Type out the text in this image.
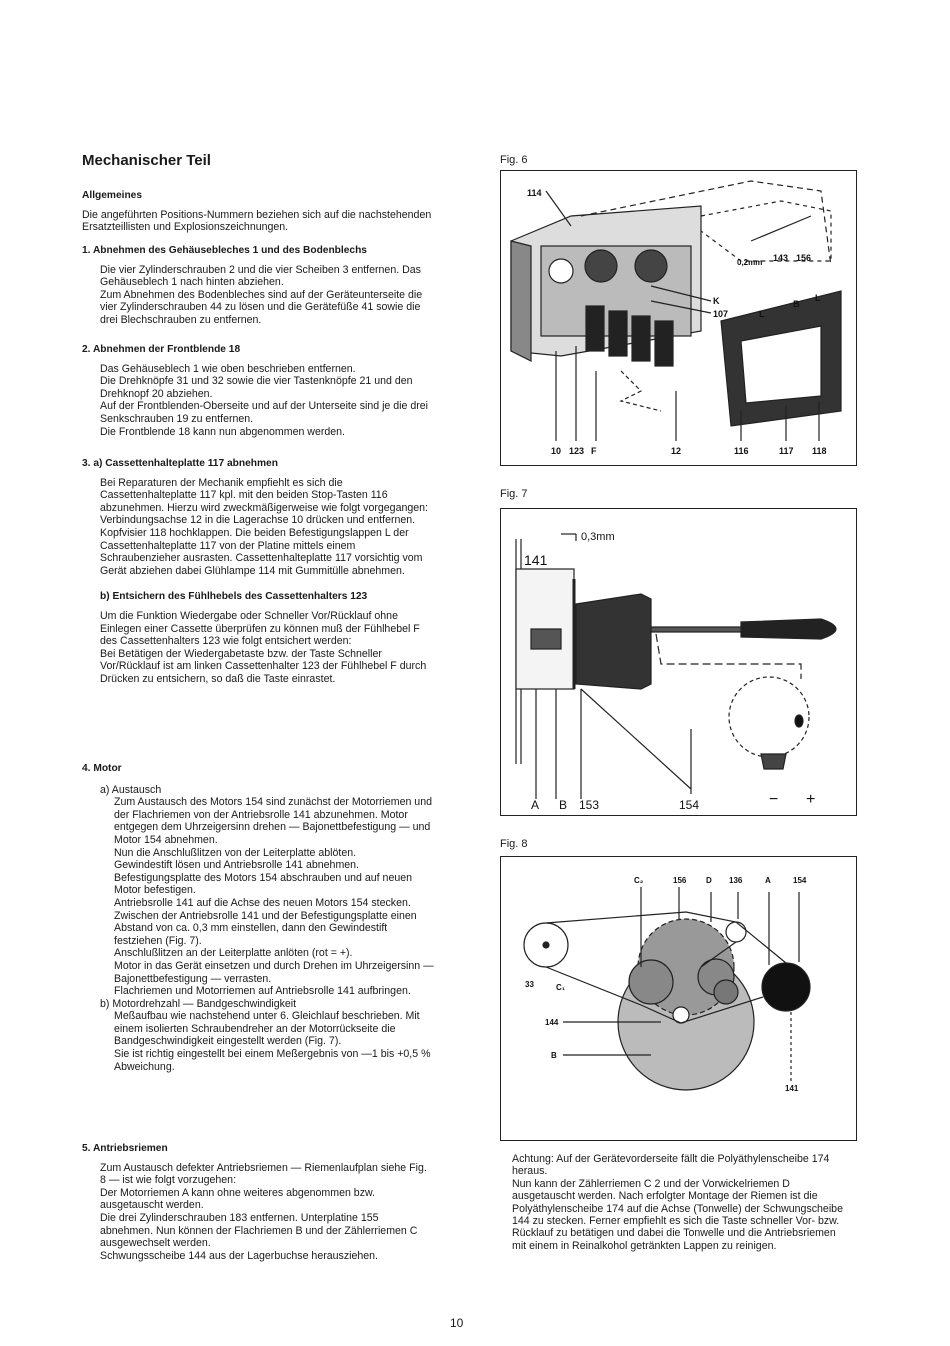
Mechanischer Teil
Allgemeines

Die angeführten Positions-Nummern beziehen sich auf die nachstehenden Ersatzteillisten und Explosionszeichnungen.

1. Abnehmen des Gehäusebleches 1 und des Bodenblechs

Die vier Zylinderschrauben 2 und die vier Scheiben 3 entfernen. Das Gehäuseblech 1 nach hinten abziehen.

Zum Abnehmen des Bodenbleches sind auf der Geräteunterseite die vier Zylinderschrauben 44 zu lösen und die Gerätefüße 41 sowie die drei Blechschrauben zu entfernen.

2. Abnehmen der Frontblende 18

Das Gehäuseblech 1 wie oben beschrieben entfernen.

Die Drehknöpfe 31 und 32 sowie die vier Tastenknöpfe 21 und den Drehknopf 20 abziehen.

Auf der Frontblenden-Oberseite und auf der Unterseite sind je die drei Senkschrauben 19 zu entfernen.

Die Frontblende 18 kann nun abgenommen werden.

3. a) Cassettenhalteplatte 117 abnehmen

Bei Reparaturen der Mechanik empfiehlt es sich die Cassettenhalteplatte 117 kpl. mit den beiden Stop-Tasten 116 abzunehmen. Hierzu wird zweckmäßigerweise wie folgt vorgegangen:

Verbindungsachse 12 in die Lagerachse 10 drücken und entfernen. Kopfvisier 118 hochklappen. Die beiden Befestigungslappen L der Cassettenhalteplatte 117 von der Platine mittels einem Schraubenzieher ausrasten. Cassettenhalteplatte 117 vorsichtig vom Gerät abziehen dabei Glühlampe 114 mit Gummitülle abnehmen.

b) Entsichern des Fühlhebels des Cassettenhalters 123

Um die Funktion Wiedergabe oder Schneller Vor/Rücklauf ohne Einlegen einer Cassette überprüfen zu können muß der Fühlhebel F des Cassettenhalters 123 wie folgt entsichert werden:

Bei Betätigen der Wiedergabetaste bzw. der Taste Schneller Vor/Rücklauf ist am linken Cassettenhalter 123 der Fühlhebel F durch Drücken zu entsichern, so daß die Taste einrastet.

4. Motor
a) Austausch

Zum Austausch des Motors 154 sind zunächst der Motorriemen und der Flachriemen von der Antriebsrolle 141 abzunehmen. Motor entgegen dem Uhrzeigersinn drehen — Bajonettbefestigung — und Motor 154 abnehmen.

Nun die Anschlußlitzen von der Leiterplatte ablöten.

Gewindestift lösen und Antriebsrolle 141 abnehmen. Befestigungsplatte des Motors 154 abschrauben und auf neuen Motor befestigen.

Antriebsrolle 141 auf die Achse des neuen Motors 154 stecken. Zwischen der Antriebsrolle 141 und der Befestigungsplatte einen Abstand von ca. 0,3 mm einstellen, dann den Gewindestift festziehen (Fig. 7).

Anschlußlitzen an der Leiterplatte anlöten (rot = +).

Motor in das Gerät einsetzen und durch Drehen im Uhrzeigersinn — Bajonettbefestigung — verrasten.

Flachriemen und Motorriemen auf Antriebsrolle 141 aufbringen.

b) Motordrehzahl — Bandgeschwindigkeit

Meßaufbau wie nachstehend unter 6. Gleichlauf beschrieben. Mit einem isolierten Schraubendreher an der Motorrückseite die Bandgeschwindigkeit eingestellt werden (Fig. 7).

Sie ist richtig eingestellt bei einem Meßergebnis von —1 bis +0,5 % Abweichung.

5. Antriebsriemen

Zum Austausch defekter Antriebsriemen — Riemenlaufplan siehe Fig. 8 — ist wie folgt vorzugehen:

Der Motorriemen A kann ohne weiteres abgenommen bzw. ausgetauscht werden.

Die drei Zylinderschrauben 183 entfernen. Unterplatine 155 abnehmen. Nun können der Flachriemen B und der Zählerriemen C ausgewechselt werden.

Schwungsscheibe 144 aus der Lagerbuchse herausziehen.

Fig. 6
114
K
107	L
B
L
143 156
0,2mm
10 123 F	12	116	117 118
Fig. 7
141
0,3mm
A B 153	154	− +
Fig. 8
C₂	156 D 136	A	154
33	C₁
144
B
141

Achtung: Auf der Gerätevorderseite fällt die Polyäthylenscheibe 174 heraus.

Nun kann der Zählerriemen C 2 und der Vorwickelriemen D ausgetauscht werden. Nach erfolgter Montage der Riemen ist die Polyäthylenscheibe 174 auf die Achse (Tonwelle) der Schwungscheibe 144 zu stecken. Ferner empfiehlt es sich die Taste schneller Vor- bzw. Rücklauf zu betätigen und dabei die Tonwelle und die Antriebsriemen mit einem in Reinalkohol getränkten Lappen zu reinigen.

10
